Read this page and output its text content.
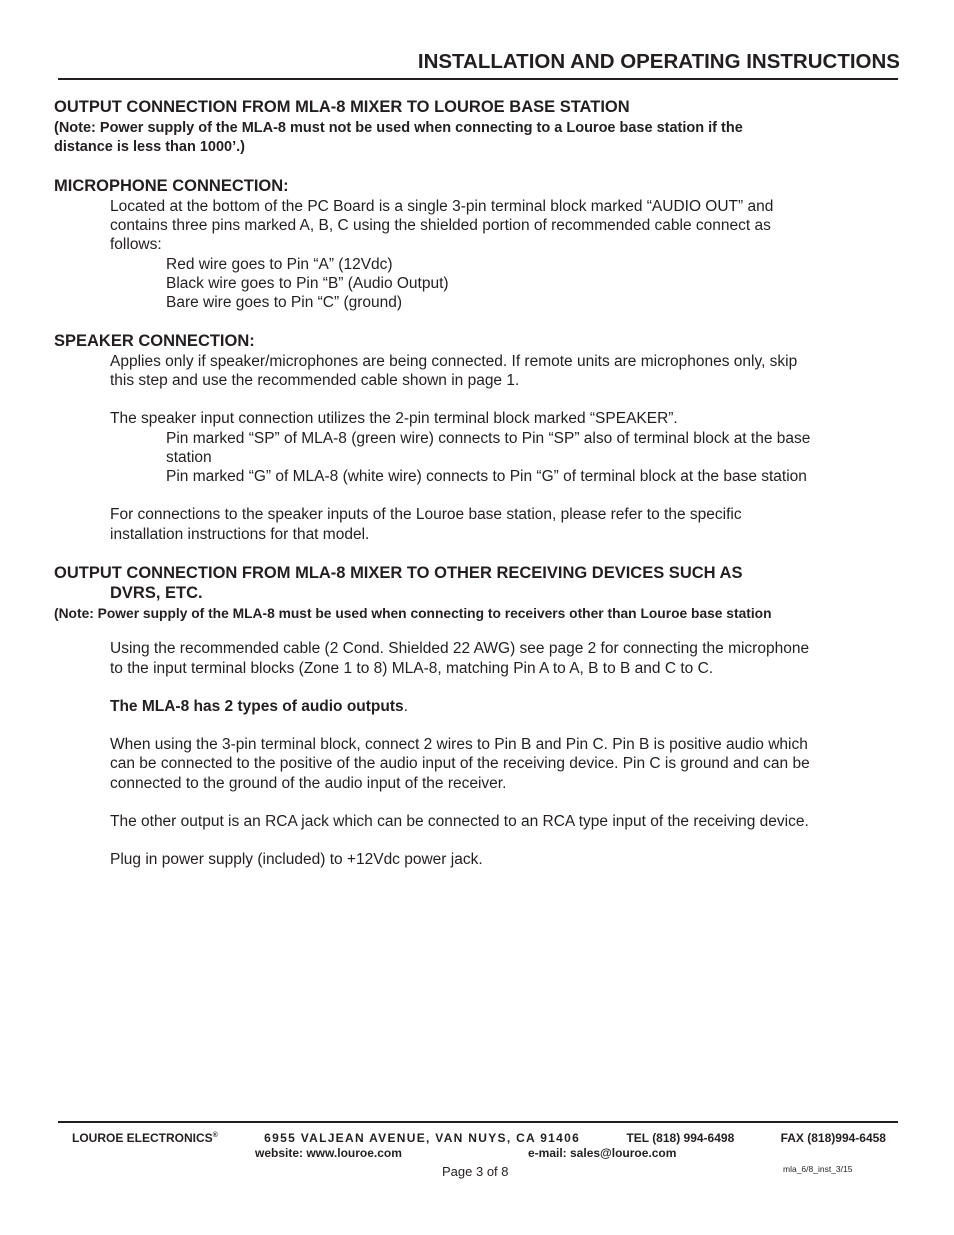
INSTALLATION AND OPERATING INSTRUCTIONS
OUTPUT CONNECTION FROM MLA-8 MIXER TO LOUROE BASE STATION
(Note: Power supply of the MLA-8 must not be used when connecting to a Louroe base station if the
distance is less than 1000’.)
MICROPHONE CONNECTION:
Located at the bottom of the PC Board is a single 3-pin terminal block marked “AUDIO OUT” and
contains three pins marked A, B, C using the shielded portion of recommended cable connect as
follows:
Red wire goes to Pin “A” (12Vdc)
Black wire goes to Pin “B” (Audio Output)
Bare wire goes to Pin “C” (ground)
SPEAKER CONNECTION:
Applies only if speaker/microphones are being connected. If remote units are microphones only, skip
this step and use the recommended cable shown in page 1.
The speaker input connection utilizes the 2-pin terminal block marked “SPEAKER”.
Pin marked “SP” of MLA-8 (green wire) connects to Pin “SP” also of terminal block at the base
station
Pin marked “G” of MLA-8 (white wire) connects to Pin “G” of terminal block at the base station
For connections to the speaker inputs of the Louroe base station, please refer to the specific
installation instructions for that model.
OUTPUT CONNECTION FROM MLA-8 MIXER TO OTHER RECEIVING DEVICES SUCH AS
DVRS, ETC.
(Note: Power supply of the MLA-8 must be used when connecting to receivers other than Louroe base station
Using the recommended cable (2 Cond. Shielded 22 AWG) see page 2 for connecting the microphone
to the input terminal blocks (Zone 1 to 8) MLA-8, matching Pin A to A, B to B and C to C.
The MLA-8 has 2 types of audio outputs.
When using the 3-pin terminal block, connect 2 wires to Pin B and Pin C. Pin B is positive audio which
can be connected to the positive of the audio input of the receiving device. Pin C is ground and can be
connected to the ground of the audio input of the receiver.
The other output is an RCA jack which can be connected to an RCA type input of the receiving device.
Plug in power supply (included) to +12Vdc power jack.
LOUROE ELECTRONICS®	6955 VALJEAN AVENUE, VAN NUYS, CA 91406	TEL (818) 994-6498	FAX (818)994-6458
website: www.louroe.com	e-mail: sales@louroe.com
Page 3 of 8	mla_6/8_inst_3/15
